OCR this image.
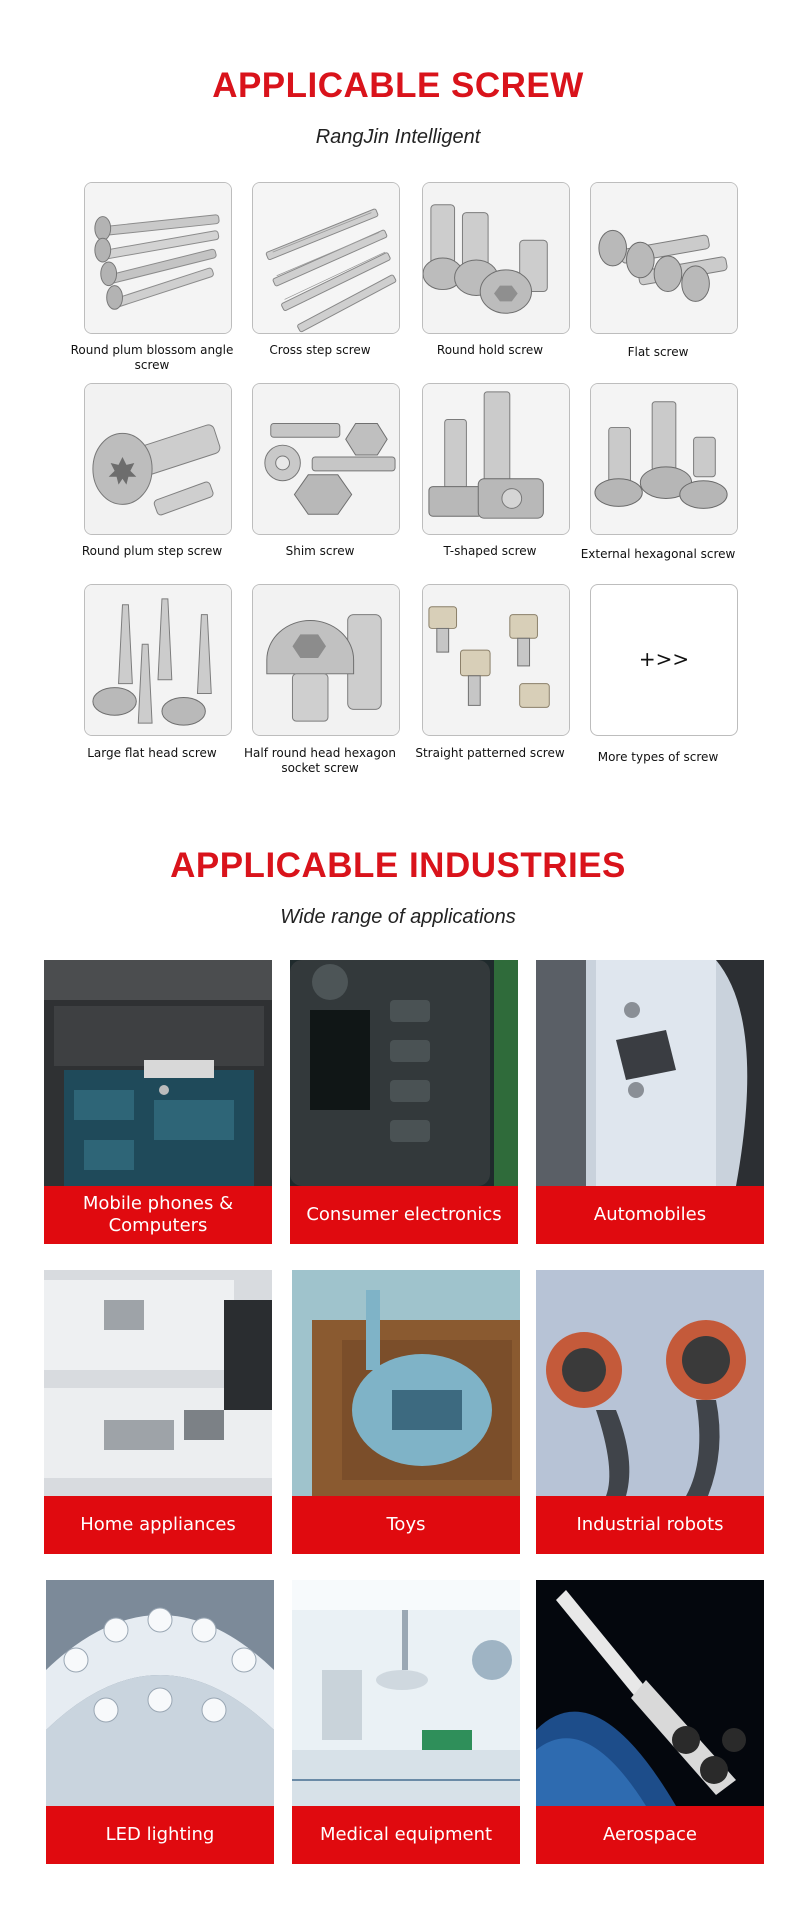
APPLICABLE SCREW
RangJin Intelligent
Round plum blossom angle screw
Cross step screw	Round hold screw	Flat screw
Round plum step screw	Shim screw	T-shaped screw	External hexagonal screw
Large flat head screw	Half round head hexagon socket screw
Straight patterned screw
+>>
More types of screw
APPLICABLE INDUSTRIES
Wide range of applications
Mobile phones & Computers
Consumer electronics	Automobiles
Home appliances	Toys	Industrial robots
LED lighting	Medical equipment	Aerospace
